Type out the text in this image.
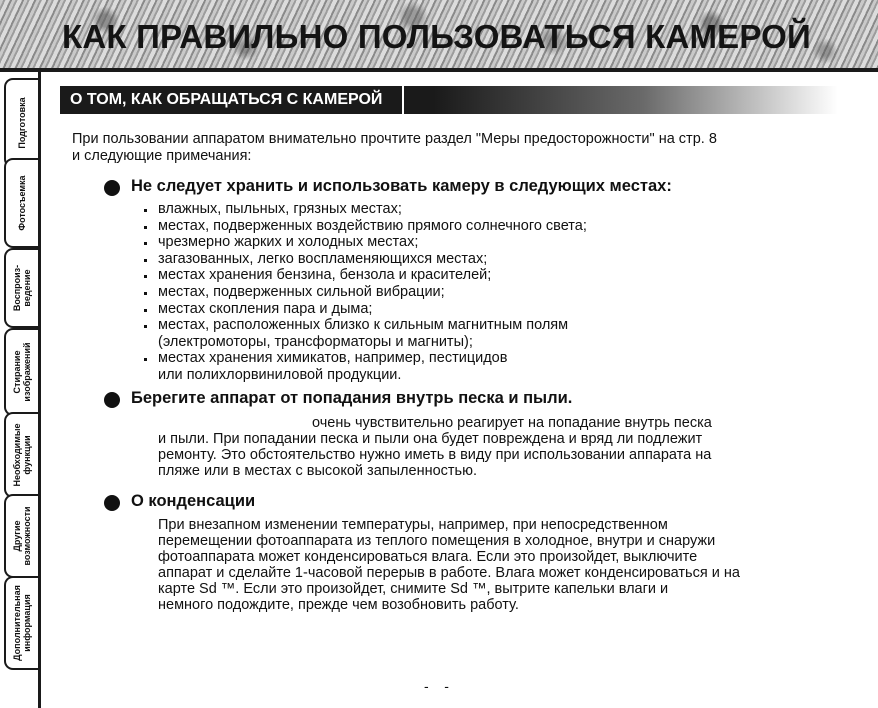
КАК ПРАВИЛЬНО ПОЛЬЗОВАТЬСЯ КАМЕРОЙ
Подготовка
Фотосъемка
Воспроиз-
ведение
Стирание
изображений
Необходимые
функции
Другие
возможности
Дополнительная
информация
О ТОМ, КАК ОБРАЩАТЬСЯ С КАМЕРОЙ
При пользовании аппаратом внимательно прочтите раздел "Меры предосторожности" на стр. 8
и следующие примечания:
Не следует хранить и использовать камеру в следующих местах:
влажных, пыльных, грязных местах;
местах, подверженных воздействию прямого солнечного света;
чрезмерно жарких и холодных местах;
загазованных, легко воспламеняющихся местах;
местах хранения бензина, бензола и красителей;
местах, подверженных сильной вибрации;
местах скопления пара и дыма;
местах, расположенных близко к сильным магнитным полям
(электромоторы, трансформаторы и магниты);
местах хранения химикатов, например, пестицидов
или полихлорвиниловой продукции.
Берегите аппарат от попадания внутрь песка и пыли.
очень чувствительно реагирует на попадание внутрь песка
и пыли. При попадании песка и пыли она будет повреждена и вряд ли подлежит
ремонту. Это обстоятельство нужно иметь в виду при использовании аппарата на
пляже или в местах с высокой запыленностью.
О конденсации
При внезапном изменении температуры, например, при непосредственном
перемещении фотоаппарата из теплого помещения в холодное, внутри и снаружи
фотоаппарата может конденсироваться влага. Если это произойдет, выключите
аппарат и сделайте 1-часовой перерыв в работе. Влага может конденсироваться и на
карте Sd ™. Если это произойдет, снимите Sd ™, вытрите капельки влаги и
немного подождите, прежде чем возобновить работу.
-    -
